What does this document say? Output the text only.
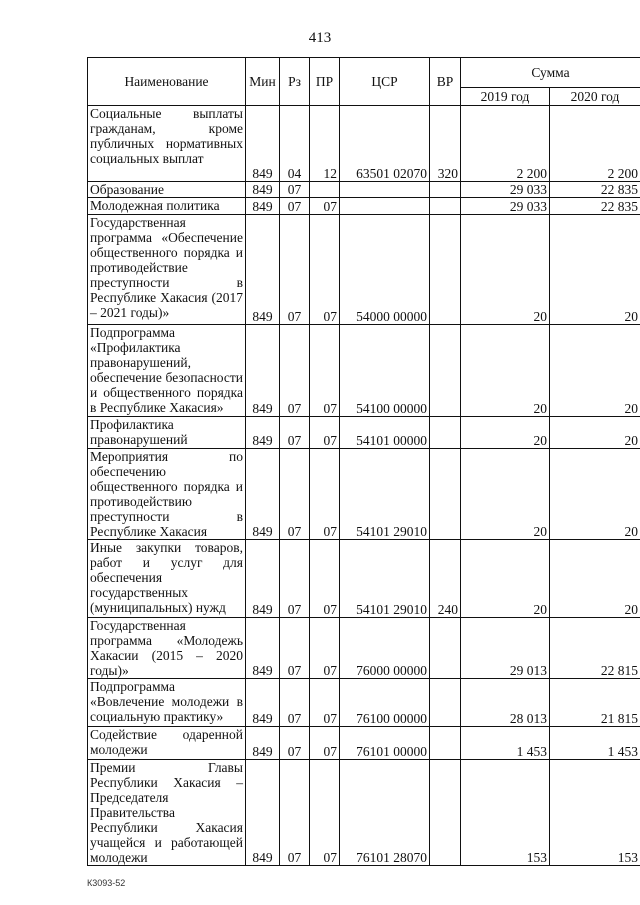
413
Наименование	Мин	Рз	ПР	ЦСР	ВР	Сумма	
						2019 год	2020 год
Социальные выплаты гражданам, кроме публичных нормативных социальных выплат	849	04	12	63501 02070	320	2 200	2 200
Образование	849	07				29 033	22 835
Молодежная политика	849	07	07			29 033	22 835
Государственная программа «Обеспечение общественного порядка и противодействие преступности в Республике Хакасия (2017 – 2021 годы)»	849	07	07	54000 00000		20	20
Подпрограмма «Профилактика правонарушений, обеспечение безопасности и общественного порядка в Республике Хакасия»	849	07	07	54100 00000		20	20
Профилактика правонарушений	849	07	07	54101 00000		20	20
Мероприятия по обеспечению общественного порядка и противодействию преступности в Республике Хакасия	849	07	07	54101 29010		20	20
Иные закупки товаров, работ и услуг для обеспечения государственных (муниципальных) нужд	849	07	07	54101 29010	240	20	20
Государственная программа «Молодежь Хакасии (2015 – 2020 годы)»	849	07	07	76000 00000		29 013	22 815
Подпрограмма «Вовлечение молодежи в социальную практику»	849	07	07	76100 00000		28 013	21 815
Содействие одаренной молодежи	849	07	07	76101 00000		1 453	1 453
Премии Главы Республики Хакасия – Председателя Правительства Республики Хакасия учащейся и работающей молодежи	849	07	07	76101 28070		153	153
К3093-52
